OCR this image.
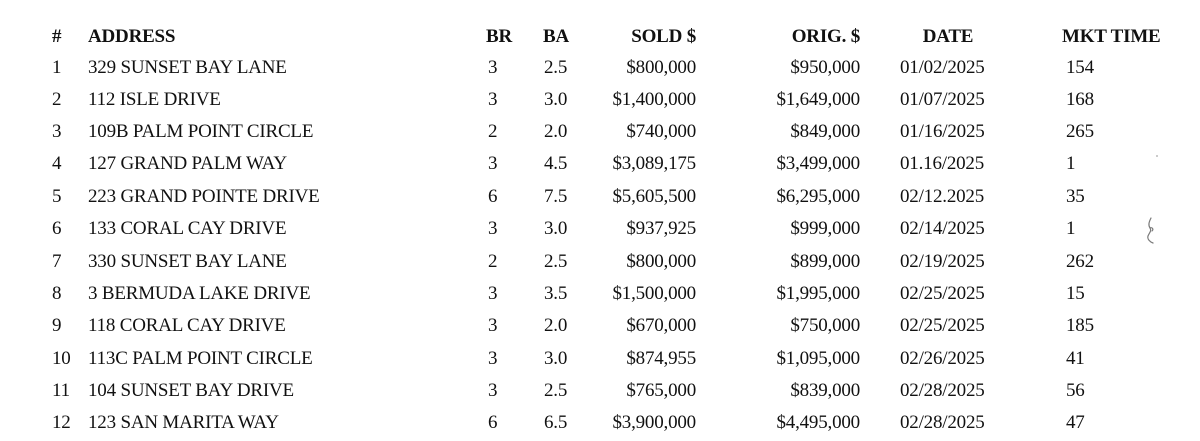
# ADDRESS	BR BA	SOLD $	ORIG. $	DATE	MKT TIME
1 329 SUNSET BAY LANE	3 2.5	$800,000	$950,000 01/02/2025	154
2 112 ISLE DRIVE	3 3.0	$1,400,000	$1,649,000 01/07/2025	168
3 109B PALM POINT CIRCLE	2 2.0	$740,000	$849,000 01/16/2025	265
4 127 GRAND PALM WAY	3 4.5	$3,089,175	$3,499,000 01.16/2025	1
5 223 GRAND POINTE DRIVE	6 7.5	$5,605,500	$6,295,000 02/12.2025	35
6 133 CORAL CAY DRIVE	3 3.0	$937,925	$999,000 02/14/2025	1
7 330 SUNSET BAY LANE	2 2.5	$800,000	$899,000 02/19/2025	262
8 3 BERMUDA LAKE DRIVE	3 3.5	$1,500,000	$1,995,000 02/25/2025	15
9 118 CORAL CAY DRIVE	3 2.0	$670,000	$750,000 02/25/2025	185
10 113C PALM POINT CIRCLE	3 3.0	$874,955	$1,095,000 02/26/2025	41
11 104 SUNSET BAY DRIVE	3 2.5	$765,000	$839,000 02/28/2025	56
12 123 SAN MARITA WAY	6 6.5	$3,900,000	$4,495,000 02/28/2025	47
